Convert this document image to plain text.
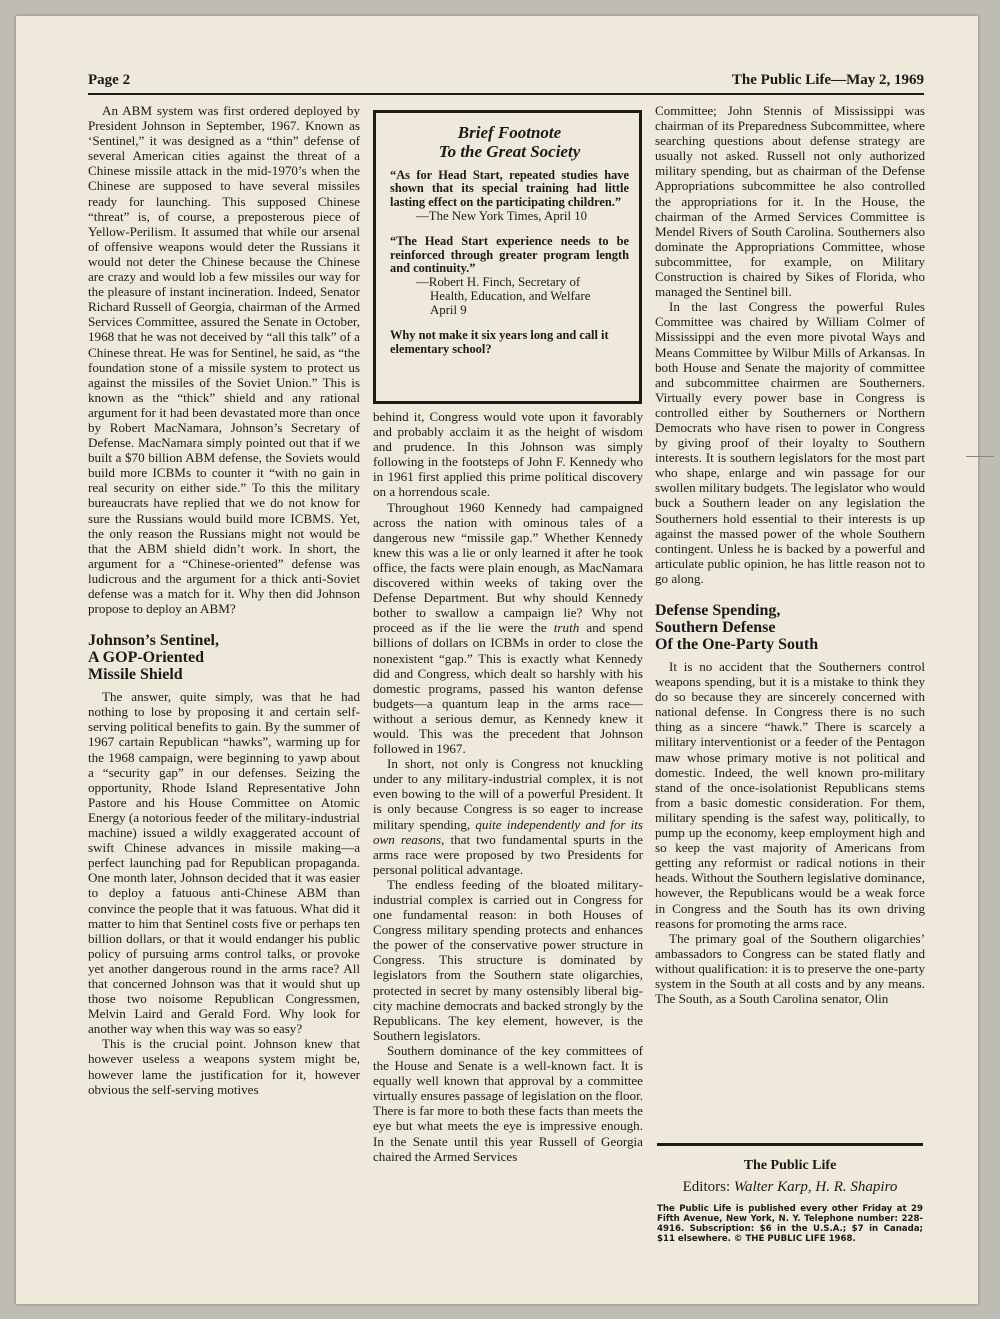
Page 2	The Public Life—May 2, 1969

An ABM system was first ordered deployed by President Johnson in September, 1967. Known as ‘Sentinel,” it was designed as a “thin” defense of several American cities against the threat of a Chinese missile attack in the mid-1970’s when the Chinese are supposed to have several missiles ready for launching. This supposed Chinese “threat” is, of course, a preposterous piece of Yellow-Perilism. It assumed that while our arsenal of offensive weapons would deter the Russians it would not deter the Chinese because the Chinese are crazy and would lob a few missiles our way for the pleasure of instant incineration. Indeed, Senator Richard Russell of Georgia, chairman of the Armed Services Committee, assured the Senate in October, 1968 that he was not deceived by “all this talk” of a Chinese threat. He was for Sentinel, he said, as “the foundation stone of a missile system to protect us against the missiles of the Soviet Union.” This is known as the “thick” shield and any rational argument for it had been devastated more than once by Robert MacNamara, Johnson’s Secretary of Defense. MacNamara simply pointed out that if we built a $70 billion ABM defense, the Soviets would build more ICBMs to counter it “with no gain in real security on either side.” To this the military bureaucrats have replied that we do not know for sure the Russians would build more ICBMS. Yet, the only reason the Russians might not would be that the ABM shield didn’t work. In short, the argument for a “Chinese-oriented” defense was ludicrous and the argument for a thick anti-Soviet defense was a match for it. Why then did Johnson propose to deploy an ABM?

Johnson’s Sentinel,
A GOP-Oriented
Missile Shield

The answer, quite simply, was that he had nothing to lose by proposing it and certain self-serving political benefits to gain. By the summer of 1967 cartain Republican “hawks”, warming up for the 1968 campaign, were beginning to yawp about a “security gap” in our defenses. Seizing the opportunity, Rhode Island Representative John Pastore and his House Committee on Atomic Energy (a notorious feeder of the military-industrial machine) issued a wildly exaggerated account of swift Chinese advances in missile making—a perfect launching pad for Republican propaganda. One month later, Johnson decided that it was easier to deploy a fatuous anti-Chinese ABM than convince the people that it was fatuous. What did it matter to him that Sentinel costs five or perhaps ten billion dollars, or that it would endanger his public policy of pursuing arms control talks, or provoke yet another dangerous round in the arms race? All that concerned Johnson was that it would shut up those two noisome Republican Congressmen, Melvin Laird and Gerald Ford. Why look for another way when this way was so easy?

This is the crucial point. Johnson knew that however useless a weapons system might be, however lame the justification for it, however obvious the self-serving motives

Brief Footnote
To the Great Society
“As for Head Start, repeated studies have shown that its special training had little lasting effect on the participating children.”
—The New York Times, April 10
“The Head Start experience needs to be reinforced through greater program length and continuity.”
—Robert H. Finch, Secretary of
Health, Education, and Welfare
April 9
Why not make it six years long and call it elementary school?

behind it, Congress would vote upon it favorably and probably acclaim it as the height of wisdom and prudence. In this Johnson was simply following in the footsteps of John F. Kennedy who in 1961 first applied this prime political discovery on a horrendous scale.

Throughout 1960 Kennedy had campaigned across the nation with ominous tales of a dangerous new “missile gap.” Whether Kennedy knew this was a lie or only learned it after he took office, the facts were plain enough, as MacNamara discovered within weeks of taking over the Defense Department. But why should Kennedy bother to swallow a campaign lie? Why not proceed as if the lie were the truth and spend billions of dollars on ICBMs in order to close the nonexistent “gap.” This is exactly what Kennedy did and Congress, which dealt so harshly with his domestic programs, passed his wanton defense budgets—a quantum leap in the arms race—without a serious demur, as Kennedy knew it would. This was the precedent that Johnson followed in 1967.

In short, not only is Congress not knuckling under to any military-industrial complex, it is not even bowing to the will of a powerful President. It is only because Congress is so eager to increase military spending, quite independently and for its own reasons, that two fundamental spurts in the arms race were proposed by two Presidents for personal political advantage.

The endless feeding of the bloated military-industrial complex is carried out in Congress for one fundamental reason: in both Houses of Congress military spending protects and enhances the power of the conservative power structure in Congress. This structure is dominated by legislators from the Southern state oligarchies, protected in secret by many ostensibly liberal big-city machine democrats and backed strongly by the Republicans. The key element, however, is the Southern legislators.

Southern dominance of the key committees of the House and Senate is a well-known fact. It is equally well known that approval by a committee virtually ensures passage of legislation on the floor. There is far more to both these facts than meets the eye but what meets the eye is impressive enough. In the Senate until this year Russell of Georgia chaired the Armed Services

Committee; John Stennis of Mississippi was chairman of its Preparedness Subcommittee, where searching questions about defense strategy are usually not asked. Russell not only authorized military spending, but as chairman of the Defense Appropriations subcommittee he also controlled the appropriations for it. In the House, the chairman of the Armed Services Committee is Mendel Rivers of South Carolina. Southerners also dominate the Appropriations Committee, whose subcommittee, for example, on Military Construction is chaired by Sikes of Florida, who managed the Sentinel bill.

In the last Congress the powerful Rules Committee was chaired by William Colmer of Mississippi and the even more pivotal Ways and Means Committee by Wilbur Mills of Arkansas. In both House and Senate the majority of committee and subcommittee chairmen are Southerners. Virtually every power base in Congress is controlled either by Southerners or Northern Democrats who have risen to power in Congress by giving proof of their loyalty to Southern interests. It is southern legislators for the most part who shape, enlarge and win passage for our swollen military budgets. The legislator who would buck a Southern leader on any legislation the Southerners hold essential to their interests is up against the massed power of the whole Southern contingent. Unless he is backed by a powerful and articulate public opinion, he has little reason not to go along.

Defense Spending,
Southern Defense
Of the One-Party South

It is no accident that the Southerners control weapons spending, but it is a mistake to think they do so because they are sincerely concerned with national defense. In Congress there is no such thing as a sincere “hawk.” There is scarcely a military interventionist or a feeder of the Pentagon maw whose primary motive is not political and domestic. Indeed, the well known pro-military stand of the once-isolationist Republicans stems from a basic domestic consideration. For them, military spending is the safest way, politically, to pump up the economy, keep employment high and so keep the vast majority of Americans from getting any reformist or radical notions in their heads. Without the Southern legislative dominance, however, the Republicans would be a weak force in Congress and the South has its own driving reasons for promoting the arms race.

The primary goal of the Southern oligarchies’ ambassadors to Congress can be stated flatly and without qualification: it is to preserve the one-party system in the South at all costs and by any means. The South, as a South Carolina senator, Olin

The Public Life
Editors: Walter Karp, H. R. Shapiro
The Public Life is published every other Friday at 29 Fifth Avenue, New York, N. Y. Telephone number: 228-4916. Subscription: $6 in the U.S.A.; $7 in Canada; $11 elsewhere. © THE PUBLIC LIFE 1968.
